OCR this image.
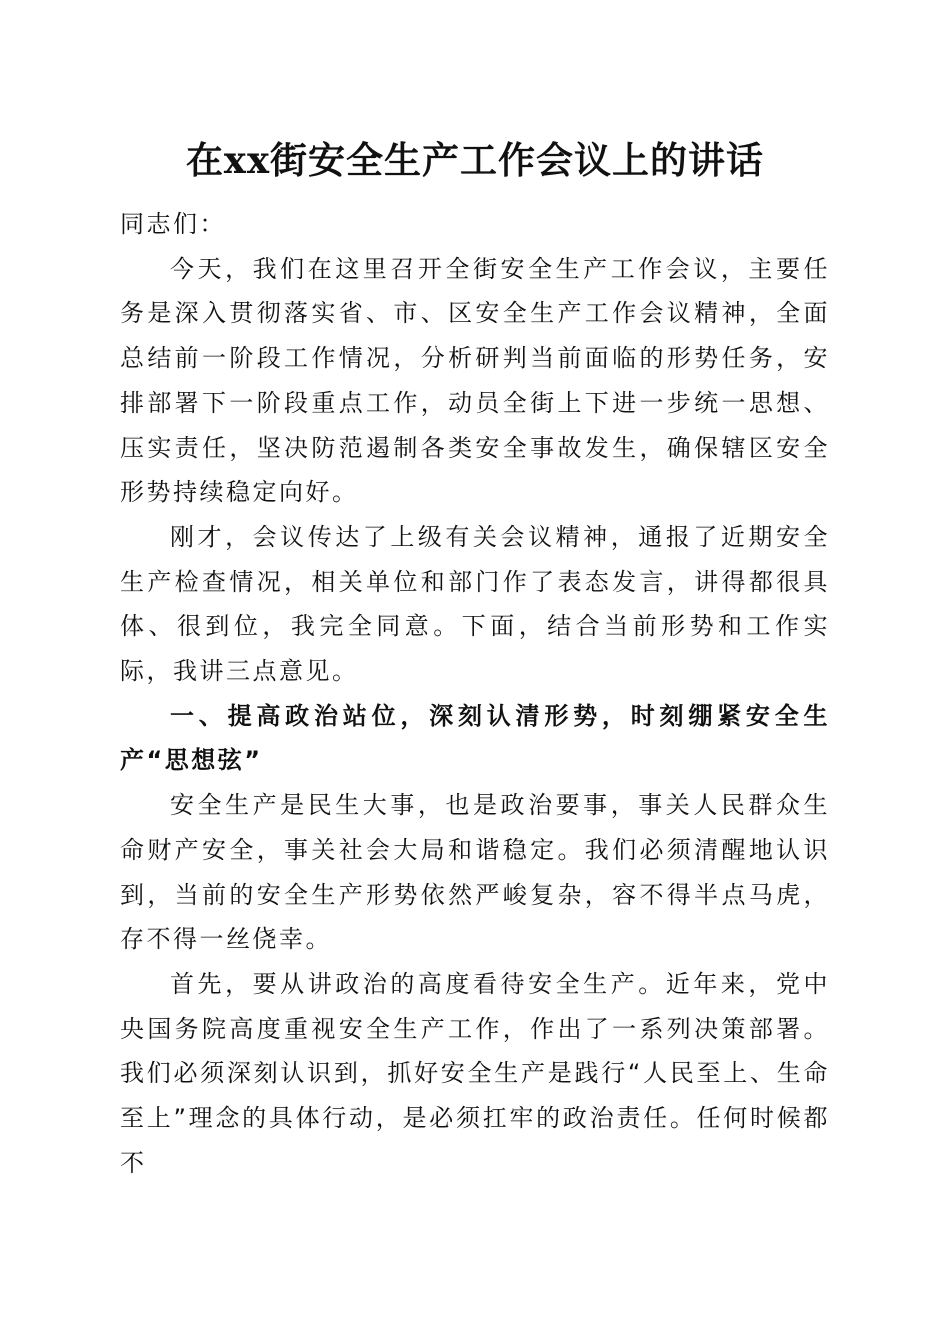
在xx街安全生产工作会议上的讲话

同志们：

今天，我们在这里召开全街安全生产工作会议，主要任务是深入贯彻落实省、市、区安全生产工作会议精神，全面总结前一阶段工作情况，分析研判当前面临的形势任务，安排部署下一阶段重点工作，动员全街上下进一步统一思想、压实责任，坚决防范遏制各类安全事故发生，确保辖区安全形势持续稳定向好。

刚才，会议传达了上级有关会议精神，通报了近期安全生产检查情况，相关单位和部门作了表态发言，讲得都很具体、很到位，我完全同意。下面，结合当前形势和工作实际，我讲三点意见。

一、提高政治站位，深刻认清形势，时刻绷紧安全生产“思想弦”

安全生产是民生大事，也是政治要事，事关人民群众生命财产安全，事关社会大局和谐稳定。我们必须清醒地认识到，当前的安全生产形势依然严峻复杂，容不得半点马虎，存不得一丝侥幸。

首先，要从讲政治的高度看待安全生产。近年来，党中央国务院高度重视安全生产工作，作出了一系列决策部署。我们必须深刻认识到，抓好安全生产是践行“人民至上、生命至上”理念的具体行动，是必须扛牢的政治责任。任何时候都不
